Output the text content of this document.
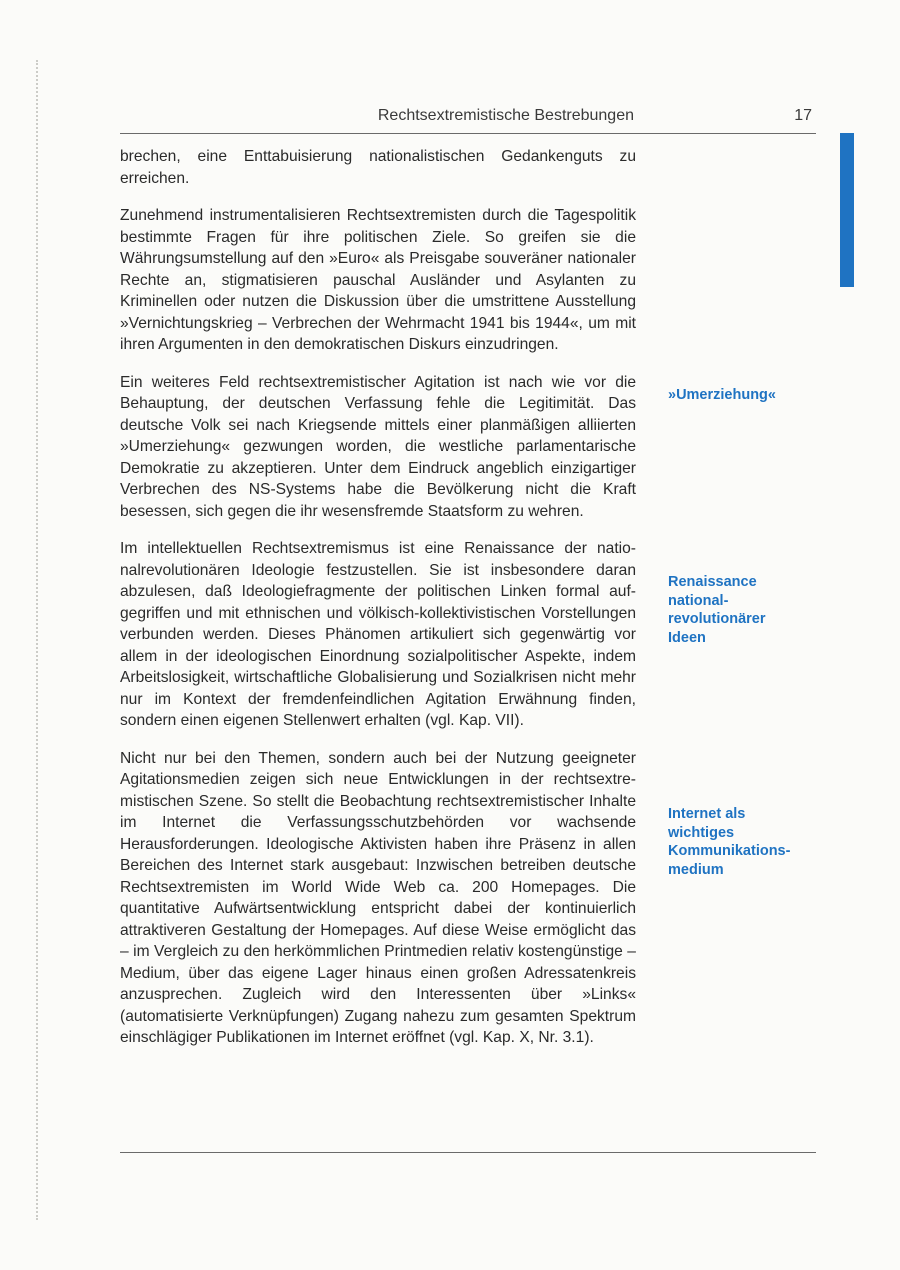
Rechtsextremistische Bestrebungen	17

brechen, eine Enttabuisierung nationalistischen Gedankenguts zu erreichen.

Zunehmend instrumentalisieren Rechtsextremisten durch die Tagespolitik bestimmte Fragen für ihre politischen Ziele. So greifen sie die Währungsumstellung auf den »Euro« als Preisgabe souveräner nationaler Rechte an, stigmatisieren pauschal Ausländer und Asylanten zu Kriminellen oder nutzen die Diskussion über die umstrittene Ausstellung »Vernichtungskrieg – Verbrechen der Wehrmacht 1941 bis 1944«, um mit ihren Argumenten in den demokratischen Diskurs einzudringen.

Ein weiteres Feld rechtsextremistischer Agitation ist nach wie vor die Behauptung, der deutschen Verfassung fehle die Legitimität. Das deutsche Volk sei nach Kriegsende mittels einer planmäßigen alliierten »Umerziehung« gezwungen worden, die westliche parlamentarische Demokratie zu akzeptieren. Unter dem Eindruck angeblich einzigartiger Verbrechen des NS-Systems habe die Bevölkerung nicht die Kraft besessen, sich gegen die ihr wesensfremde Staatsform zu wehren.

Im intellektuellen Rechtsextremismus ist eine Renaissance der nationalrevolutionären Ideologie festzustellen. Sie ist insbesondere daran abzulesen, daß Ideologiefragmente der politischen Linken formal aufgegriffen und mit ethnischen und völkisch-kollektivistischen Vorstellungen verbunden werden. Dieses Phänomen artikuliert sich gegenwärtig vor allem in der ideologischen Einordnung sozialpolitischer Aspekte, indem Arbeitslosigkeit, wirtschaftliche Globalisierung und Sozialkrisen nicht mehr nur im Kontext der fremdenfeindlichen Agitation Erwähnung finden, sondern einen eigenen Stellenwert erhalten (vgl. Kap. VII).

Nicht nur bei den Themen, sondern auch bei der Nutzung geeigneter Agitationsmedien zeigen sich neue Entwicklungen in der rechtsextremistischen Szene. So stellt die Beobachtung rechtsextremistischer Inhalte im Internet die Verfassungsschutzbehörden vor wachsende Herausforderungen. Ideologische Aktivisten haben ihre Präsenz in allen Bereichen des Internet stark ausgebaut: Inzwischen betreiben deutsche Rechtsextremisten im World Wide Web ca. 200 Homepages. Die quantitative Aufwärtsentwicklung entspricht dabei der kontinuierlich attraktiveren Gestaltung der Homepages. Auf diese Weise ermöglicht das – im Vergleich zu den herkömmlichen Printmedien relativ kostengünstige – Medium, über das eigene Lager hinaus einen großen Adressatenkreis anzusprechen. Zugleich wird den Interessenten über »Links« (automatisierte Verknüpfungen) Zugang nahezu zum gesamten Spektrum einschlägiger Publikationen im Internet eröffnet (vgl. Kap. X, Nr. 3.1).

»Umerziehung«
Renaissance
national-
revolutionärer
Ideen
Internet als
wichtiges
Kommunikations-
medium
